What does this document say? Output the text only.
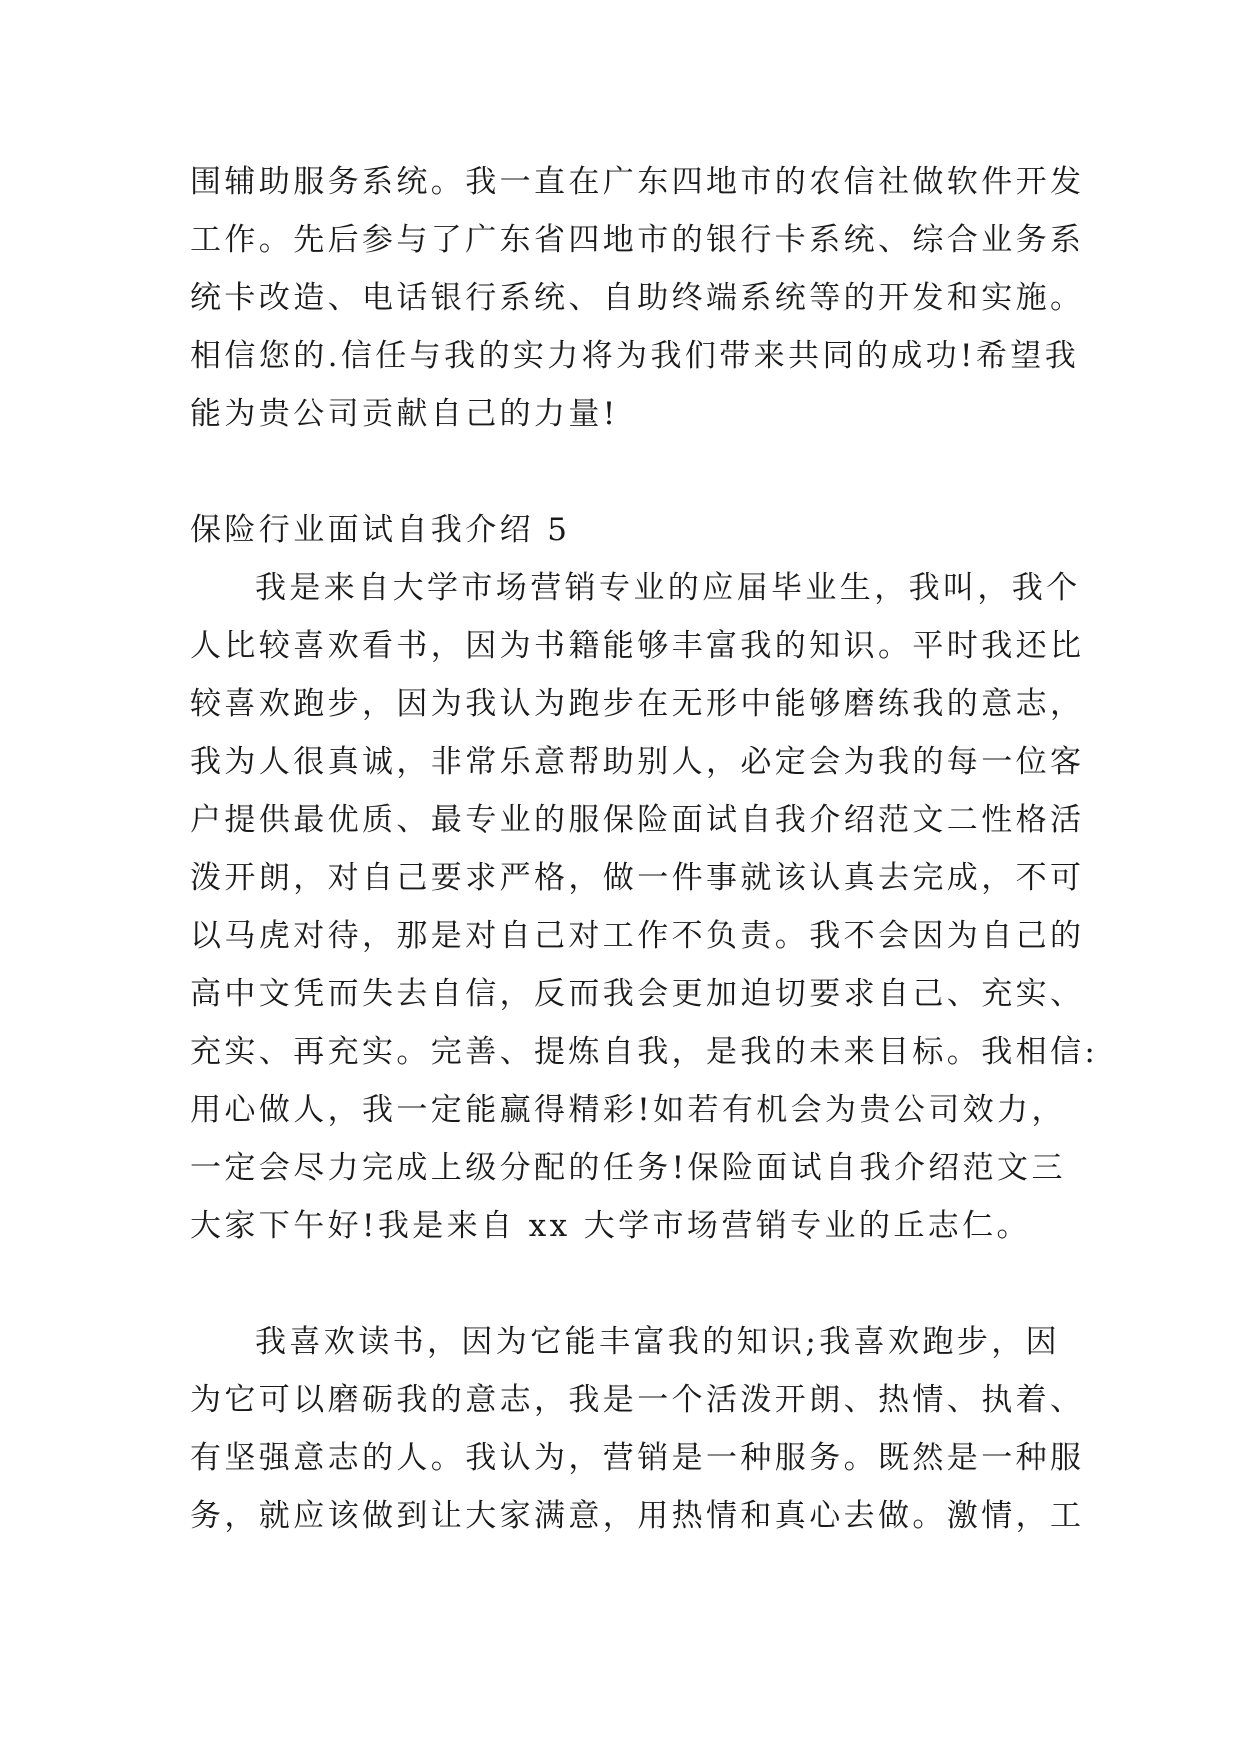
围辅助服务系统。我一直在广东四地市的农信社做软件开发
工作。先后参与了广东省四地市的银行卡系统、综合业务系
统卡改造、电话银行系统、自助终端系统等的开发和实施。
相信您的.信任与我的实力将为我们带来共同的成功!希望我
能为贵公司贡献自己的力量!
保险行业面试自我介绍 5
我是来自大学市场营销专业的应届毕业生，我叫，我个
人比较喜欢看书，因为书籍能够丰富我的知识。平时我还比
较喜欢跑步，因为我认为跑步在无形中能够磨练我的意志，
我为人很真诚，非常乐意帮助别人，必定会为我的每一位客
户提供最优质、最专业的服保险面试自我介绍范文二性格活
泼开朗，对自己要求严格，做一件事就该认真去完成，不可
以马虎对待，那是对自己对工作不负责。我不会因为自己的
高中文凭而失去自信，反而我会更加迫切要求自己、充实、
充实、再充实。完善、提炼自我，是我的未来目标。我相信:
用心做人，我一定能赢得精彩!如若有机会为贵公司效力，
一定会尽力完成上级分配的任务!保险面试自我介绍范文三
大家下午好!我是来自 xx 大学市场营销专业的丘志仁。
我喜欢读书，因为它能丰富我的知识;我喜欢跑步，因
为它可以磨砺我的意志，我是一个活泼开朗、热情、执着、
有坚强意志的人。我认为，营销是一种服务。既然是一种服
务，就应该做到让大家满意，用热情和真心去做。激情，工
